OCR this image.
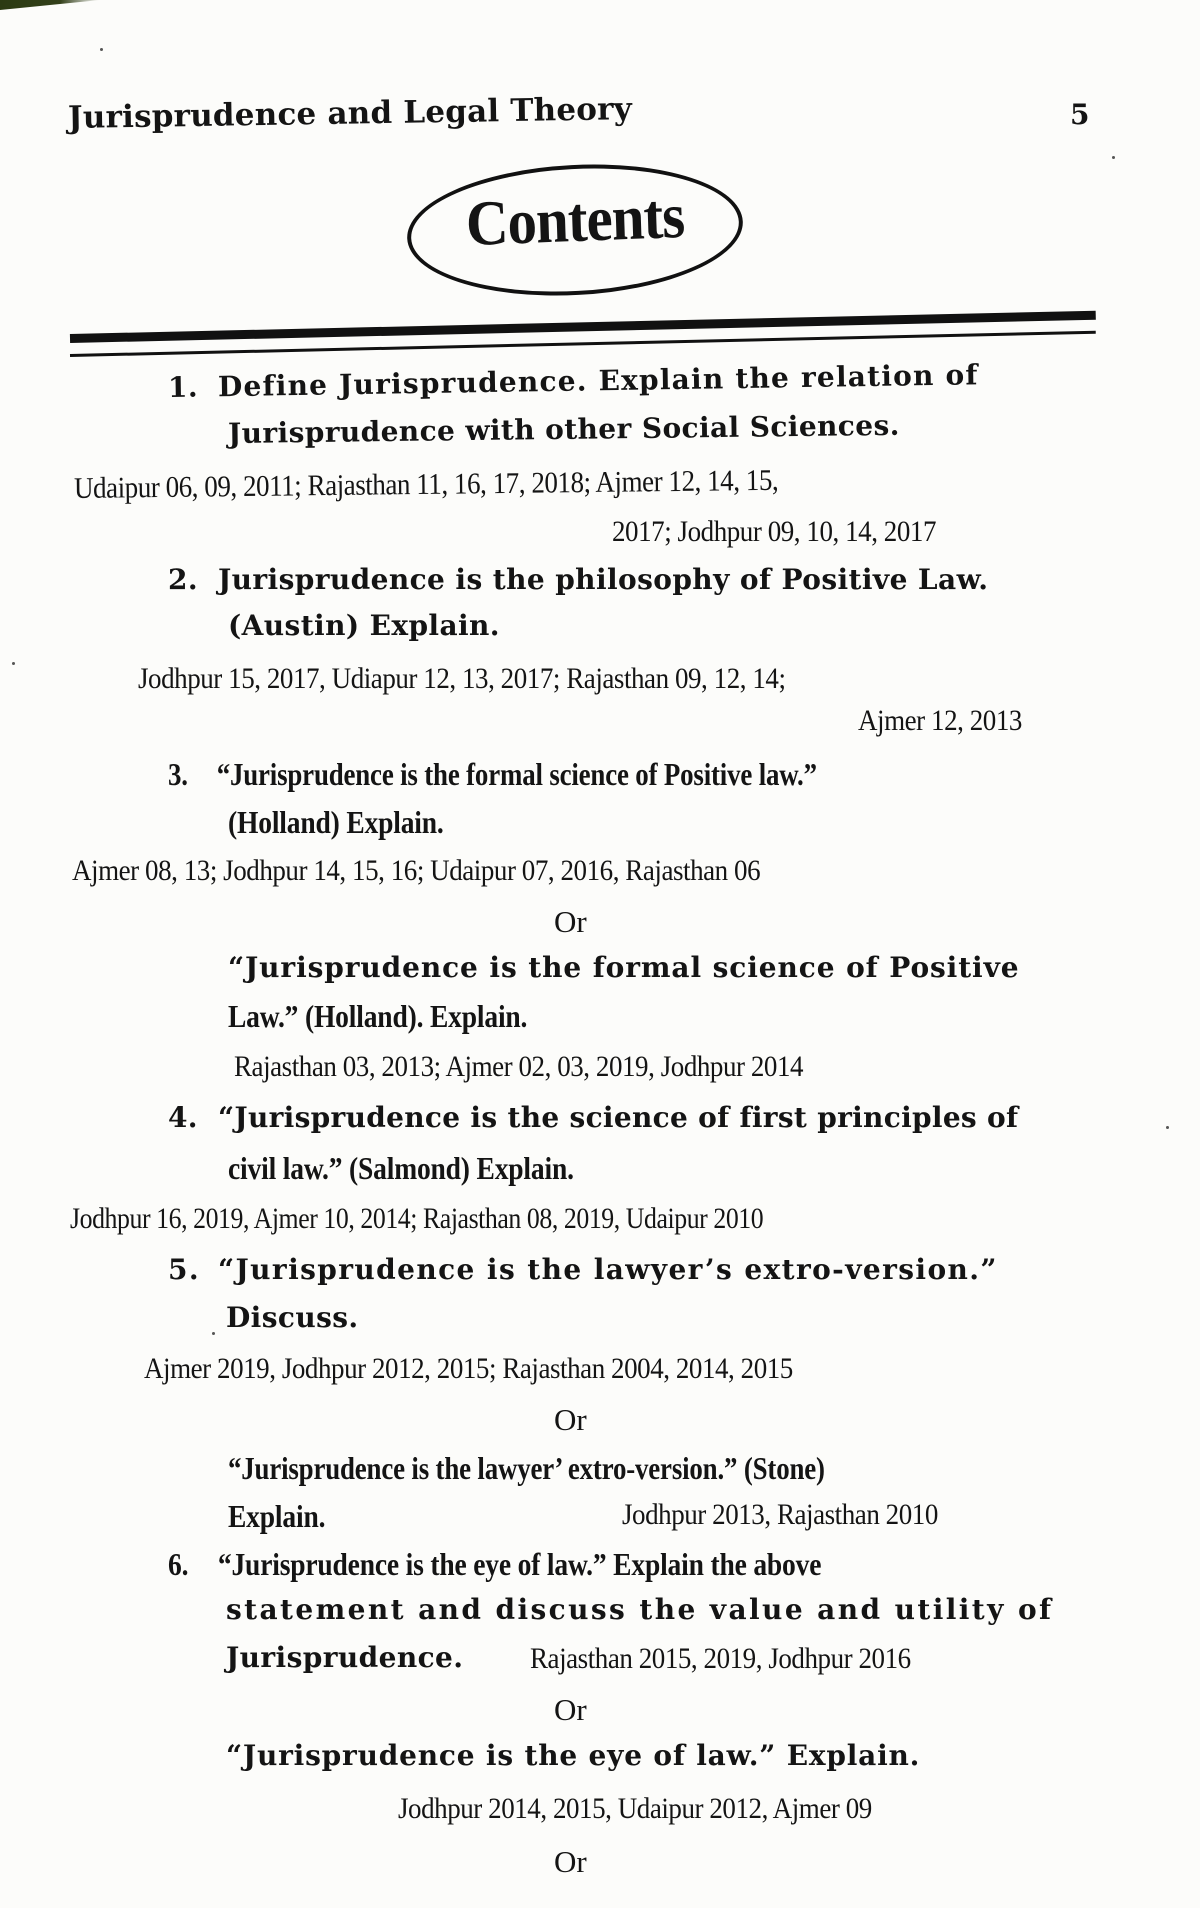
Jurisprudence and Legal Theory	5
Contents
1. Define Jurisprudence. Explain the relation of
Jurisprudence with other Social Sciences.
Udaipur 06, 09, 2011; Rajasthan 11, 16, 17, 2018; Ajmer 12, 14, 15,
2017; Jodhpur 09, 10, 14, 2017
2. Jurisprudence is the philosophy of Positive Law.
(Austin) Explain.
Jodhpur 15, 2017, Udiapur 12, 13, 2017; Rajasthan 09, 12, 14;
Ajmer 12, 2013
3. “Jurisprudence is the formal science of Positive law.”
(Holland) Explain.
Ajmer 08, 13; Jodhpur 14, 15, 16; Udaipur 07, 2016, Rajasthan 06
Or
“Jurisprudence is the formal science of Positive
Law.” (Holland). Explain.
Rajasthan 03, 2013; Ajmer 02, 03, 2019, Jodhpur 2014
4. “Jurisprudence is the science of first principles of
civil law.” (Salmond) Explain.
Jodhpur 16, 2019, Ajmer 10, 2014; Rajasthan 08, 2019, Udaipur 2010
5. “Jurisprudence is the lawyer’s extro-version.”
Discuss.
Ajmer 2019, Jodhpur 2012, 2015; Rajasthan 2004, 2014, 2015
Or
“Jurisprudence is the lawyer’ extro-version.” (Stone)
Explain.	Jodhpur 2013, Rajasthan 2010
6. “Jurisprudence is the eye of law.” Explain the above
statement and discuss the value and utility of
Jurisprudence. Rajasthan 2015, 2019, Jodhpur 2016
Or
“Jurisprudence is the eye of law.” Explain.
Jodhpur 2014, 2015, Udaipur 2012, Ajmer 09
Or
